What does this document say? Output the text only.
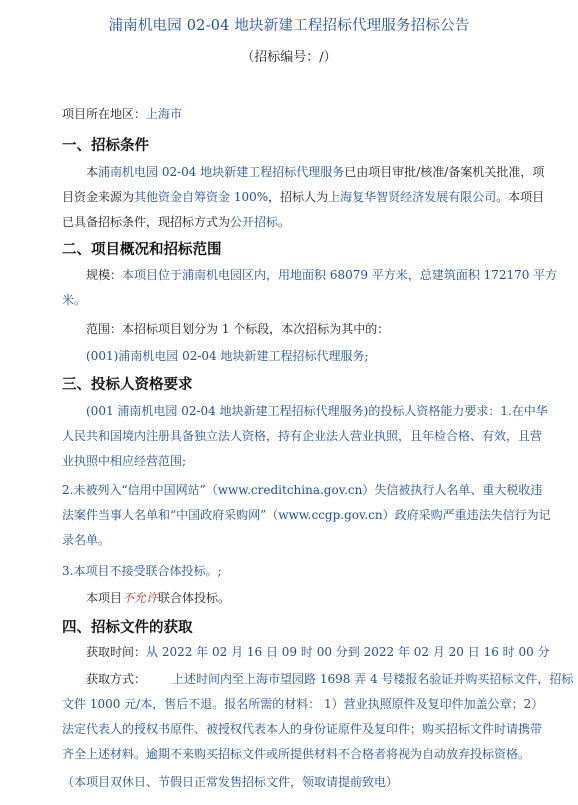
浦南机电园 02-04 地块新建工程招标代理服务招标公告
（招标编号：/）
项目所在地区：上海市
一、招标条件
本浦南机电园 02-04 地块新建工程招标代理服务已由项目审批/核准/备案机关批准，项
目资金来源为其他资金自筹资金 100%，招标人为上海复华智贤经济发展有限公司。本项目
已具备招标条件，现招标方式为公开招标。
二、项目概况和招标范围
规模：本项目位于浦南机电园区内，用地面积 68079 平方米，总建筑面积 172170 平方
米。
范围：本招标项目划分为 1 个标段，本次招标为其中的：
(001)浦南机电园 02-04 地块新建工程招标代理服务;
三、投标人资格要求
(001 浦南机电园 02-04 地块新建工程招标代理服务)的投标人资格能力要求：1.在中华
人民共和国境内注册具备独立法人资格，持有企业法人营业执照，且年检合格、有效，且营
业执照中相应经营范围;
2.未被列入“信用中国网站”（www.creditchina.gov.cn）失信被执行人名单、重大税收违
法案件当事人名单和“中国政府采购网”（www.ccgp.gov.cn）政府采购严重违法失信行为记
录名单。
3.本项目不接受联合体投标。;
本项目不允许联合体投标。
四、招标文件的获取
获取时间：从 2022 年 02 月 16 日 09 时 00 分到 2022 年 02 月 20 日 16 时 00 分
获取方式： 上述时间内至上海市望园路 1698 弄 4 号楼报名验证并购买招标文件，招标
文件 1000 元/本，售后不退。报名所需的材料： 1）营业执照原件及复印件加盖公章；2）
法定代表人的授权书原件、被授权代表本人的身份证原件及复印件；购买招标文件时请携带
齐全上述材料。逾期不来购买招标文件或所提供材料不合格者将视为自动放弃投标资格。
（本项目双休日、节假日正常发售招标文件，领取请提前致电）
